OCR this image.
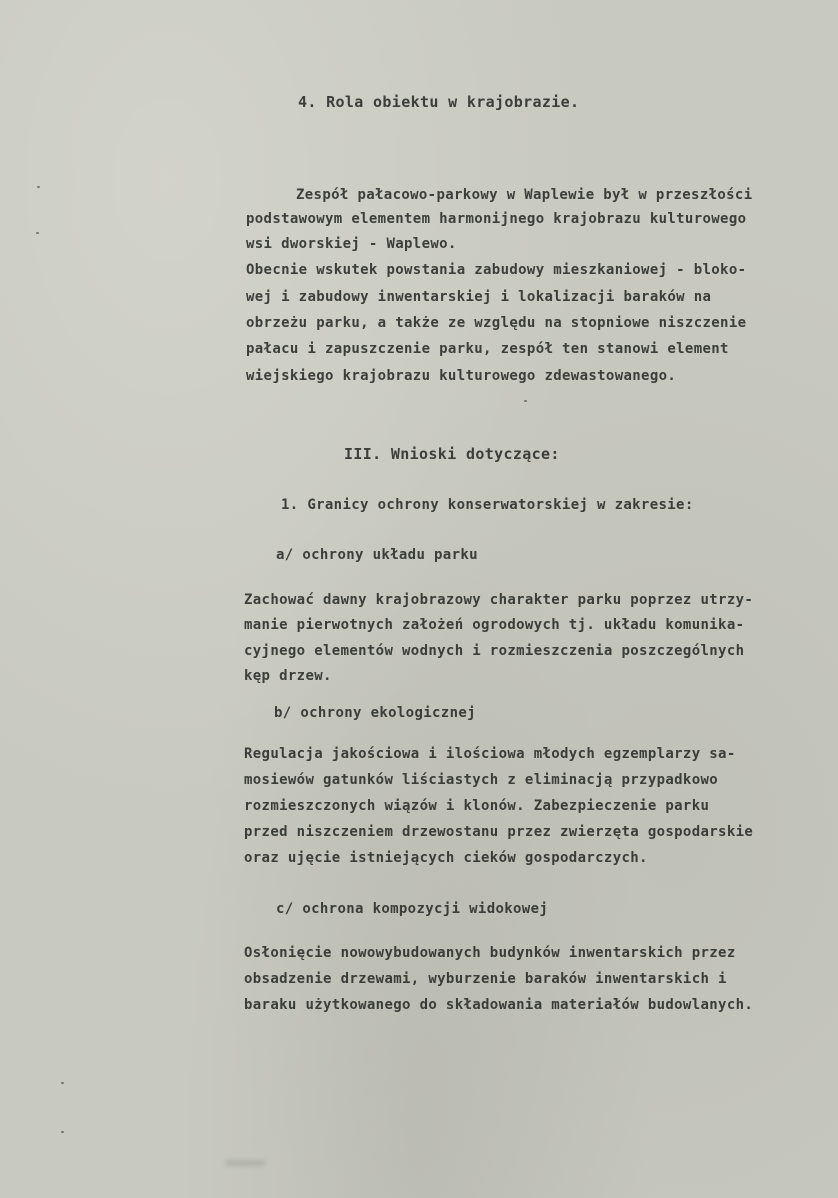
4. Rola obiektu w krajobrazie.
Zespół pałacowo-parkowy w Waplewie był w przeszłości
podstawowym elementem harmonijnego krajobrazu kulturowego
wsi dworskiej - Waplewo.
Obecnie wskutek powstania zabudowy mieszkaniowej - bloko-
wej i zabudowy inwentarskiej i lokalizacji baraków na
obrzeżu parku, a także ze względu na stopniowe niszczenie
pałacu i zapuszczenie parku, zespół ten stanowi element
wiejskiego krajobrazu kulturowego zdewastowanego.
III. Wnioski dotyczące:
1. Granicy ochrony konserwatorskiej w zakresie:
a/ ochrony układu parku
Zachować dawny krajobrazowy charakter parku poprzez utrzy-
manie pierwotnych założeń ogrodowych tj. układu komunika-
cyjnego elementów wodnych i rozmieszczenia poszczególnych
kęp drzew.
b/ ochrony ekologicznej
Regulacja jakościowa i ilościowa młodych egzemplarzy sa-
mosiewów gatunków liściastych z eliminacją przypadkowo
rozmieszczonych wiązów i klonów. Zabezpieczenie parku
przed niszczeniem drzewostanu przez zwierzęta gospodarskie
oraz ujęcie istniejących cieków gospodarczych.
c/ ochrona kompozycji widokowej
Osłonięcie nowowybudowanych budynków inwentarskich przez
obsadzenie drzewami, wyburzenie baraków inwentarskich i
baraku użytkowanego do składowania materiałów budowlanych.
